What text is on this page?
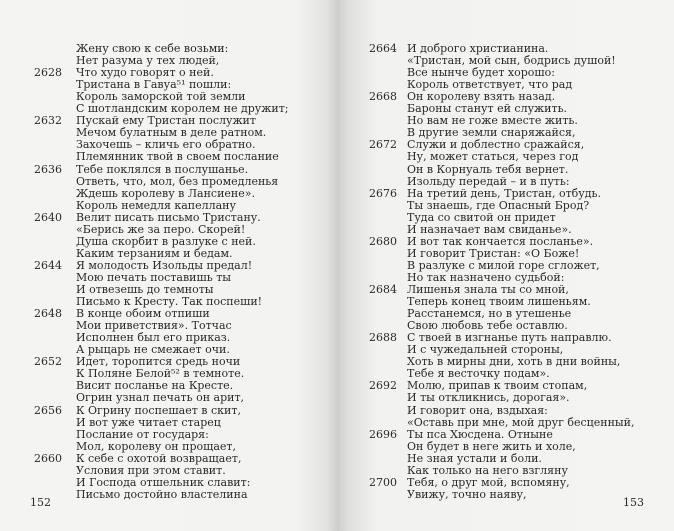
Жену свою к себе возьми:
Нет разума у тех людей,
2628 Что худо говорят о ней.
Тристана в Гавуа⁵¹ пошли:
Король заморской той земли
С шотландским королем не дружит;
2632 Пускай ему Тристан послужит
Мечом булатным в деле ратном.
Захочешь – кличь его обратно.
Племянник твой в своем послание
2636 Тебе поклялся в послушанье.
Ответь, что, мол, без промедленья
Ждешь королеву в Лансиене».
Король немедля капеллану
2640 Велит писать письмо Тристану.
«Берись же за перо. Скорей!
Душа скорбит в разлуке с ней.
Каким терзаниям и бедам.
2644 Я молодость Изольды предал!
Мою печать поставишь ты
И отвезешь до темноты
Письмо к Кресту. Так поспеши!
2648 В конце обоим отпиши
Мои приветствия». Тотчас
Исполнен был его приказ.
А рыцарь не смежает очи.
2652 Идет, торопится средь ночи
К Поляне Белой⁵² в темноте.
Висит посланье на Кресте.
Огрин узнал печать он арит,
2656 К Огрину поспешает в скит,
И вот уже читает старец
Послание от государя:
Мол, королеву он прощает,
2660 К себе с охотой возвращает,
Условия при этом ставит.
И Господа отшельник славит:
Письмо достойно властелина
152
2664 И доброго христианина.
«Тристан, мой сын, бодрись душой!
Все нынче будет хорошо:
Король ответствует, что рад
2668 Он королеву взять назад.
Бароны станут ей служить.
Но вам не гоже вместе жить.
В другие земли снаряжайся,
2672 Служи и доблестно сражайся,
Ну, может статься, через год
Он в Корнуаль тебя вернет.
Изольду передай – и в путь:
2676 На третий день, Тристан, отбудь.
Ты знаешь, где Опасный Брод?
Туда со свитой он придет
И назначает вам свиданье».
2680 И вот так кончается посланье».
И говорит Тристан: «О Боже!
В разлуке с милой горе сгложет,
Но так назначено судьбой:
2684 Лишенья знала ты со мной,
Теперь конец твоим лишеньям.
Расстанемся, но в утешенье
Свою любовь тебе оставлю.
2688 С твоей в изгнанье путь направлю.
И с чужедальней стороны,
Хоть в мирны дни, хоть в дни войны,
Тебе я весточку подам».
2692 Молю, припав к твоим стопам,
И ты откликнись, дорогая».
И говорит она, вздыхая:
«Оставь при мне, мой друг бесценный,
2696 Ты пса Хюсдена. Отныне
Он будет в неге жить и холе,
Не зная устали и боли.
Как только на него взгляну
2700 Тебя, о друг мой, вспомяну,
Увижу, точно наяву,
153
